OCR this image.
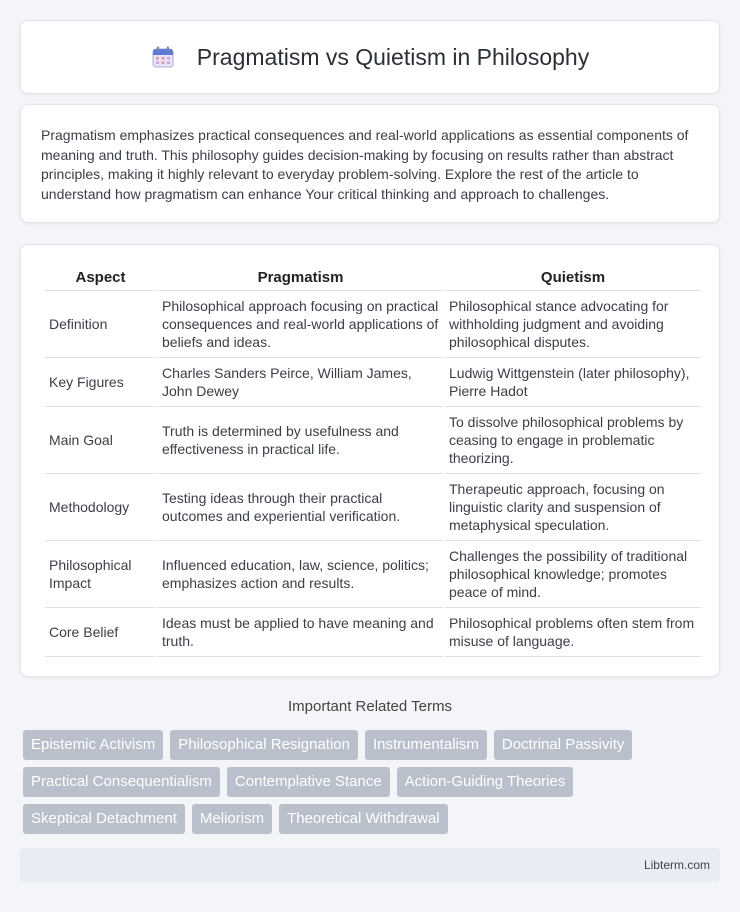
Pragmatism vs Quietism in Philosophy

Pragmatism emphasizes practical consequences and real-world applications as essential components of meaning and truth. This philosophy guides decision-making by focusing on results rather than abstract principles, making it highly relevant to everyday problem-solving. Explore the rest of the article to understand how pragmatism can enhance Your critical thinking and approach to challenges.

Aspect	Pragmatism	Quietism
Definition	Philosophical approach focusing on practical consequences and real-world applications of beliefs and ideas.	Philosophical stance advocating for withholding judgment and avoiding philosophical disputes.
Key Figures	Charles Sanders Peirce, William James, John Dewey	Ludwig Wittgenstein (later philosophy), Pierre Hadot
Main Goal	Truth is determined by usefulness and effectiveness in practical life.	To dissolve philosophical problems by ceasing to engage in problematic theorizing.
Methodology	Testing ideas through their practical outcomes and experiential verification.	Therapeutic approach, focusing on linguistic clarity and suspension of metaphysical speculation.
Philosophical Impact	Influenced education, law, science, politics; emphasizes action and results.	Challenges the possibility of traditional philosophical knowledge; promotes peace of mind.
Core Belief	Ideas must be applied to have meaning and truth.	Philosophical problems often stem from misuse of language.
Important Related Terms
Epistemic Activism	Philosophical Resignation	Instrumentalism	Doctrinal Passivity
Practical Consequentialism	Contemplative Stance	Action-Guiding Theories
Skeptical Detachment	Meliorism	Theoretical Withdrawal
Libterm.com
